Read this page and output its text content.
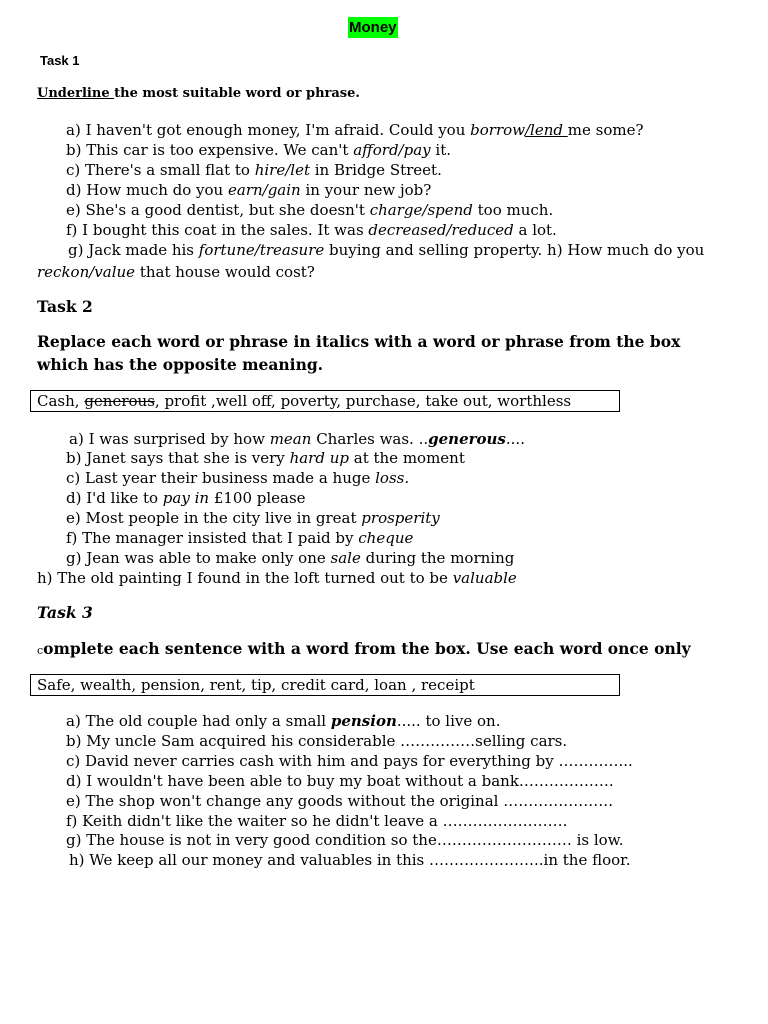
Money
Task 1
Underline the most suitable word or phrase.
a) I haven't got enough money, I'm afraid. Could you borrow/lend me some?
b) This car is too expensive. We can't afford/pay it.
c) There's a small flat to hire/let in Bridge Street.
d) How much do you earn/gain in your new job?
e) She's a good dentist, but she doesn't charge/spend too much.
f) I bought this coat in the sales. It was decreased/reduced a lot.
g) Jack made his fortune/treasure buying and selling property. h) How much do you
reckon/value that house would cost?
Task 2
Replace each word or phrase in italics with a word or phrase from the box which has the opposite meaning.
Cash, generous, profit ,well off, poverty, purchase, take out, worthless
a) I was surprised by how mean Charles was. ..generous....
b) Janet says that she is very hard up at the moment
c) Last year their business made a huge loss.
d) I'd like to pay in £100 please
e) Most people in the city live in great prosperity
f) The manager insisted that I paid by cheque
g) Jean was able to make only one sale during the morning
h) The old painting I found in the loft turned out to be valuable
Task 3
complete each sentence with a word from the box. Use each word once only
Safe, wealth, pension, rent, tip, credit card, loan , receipt
a) The old couple had only a small pension..... to live on.
b) My uncle Sam acquired his considerable ……………selling cars.
c) David never carries cash with him and pays for everything by …………...
d) I wouldn't have been able to buy my boat without a bank……………….
e) The shop won't change any goods without the original ………………….
f) Keith didn't like the waiter so he didn't leave a …………………….
g) The house is not in very good condition so the……………………… is low.
h) We keep all our money and valuables in this …………………..in the floor.
